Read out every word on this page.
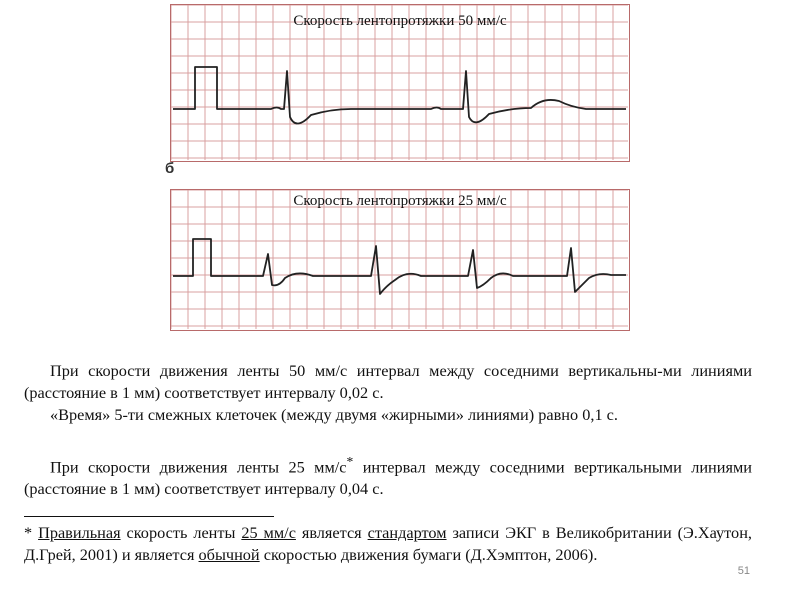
Скорость лентопротяжки 50 мм/с
б
Скорость лентопротяжки 25 мм/с

При скорости движения ленты 50 мм/с интервал между соседними вертикальны-ми линиями (расстояние в 1 мм) соответствует интервалу 0,02 с.

«Время» 5-ти смежных клеточек (между двумя «жирными» линиями) равно 0,1 с.

При скорости движения ленты 25 мм/с* интервал между соседними вертикальными линиями (расстояние в 1 мм) соответствует интервалу 0,04 с.

* Правильная скорость ленты 25 мм/с является стандартом записи ЭКГ в Великобритании (Э.Хаутон, Д.Грей, 2001) и является обычной скоростью движения бумаги (Д.Хэмптон, 2006).

51
